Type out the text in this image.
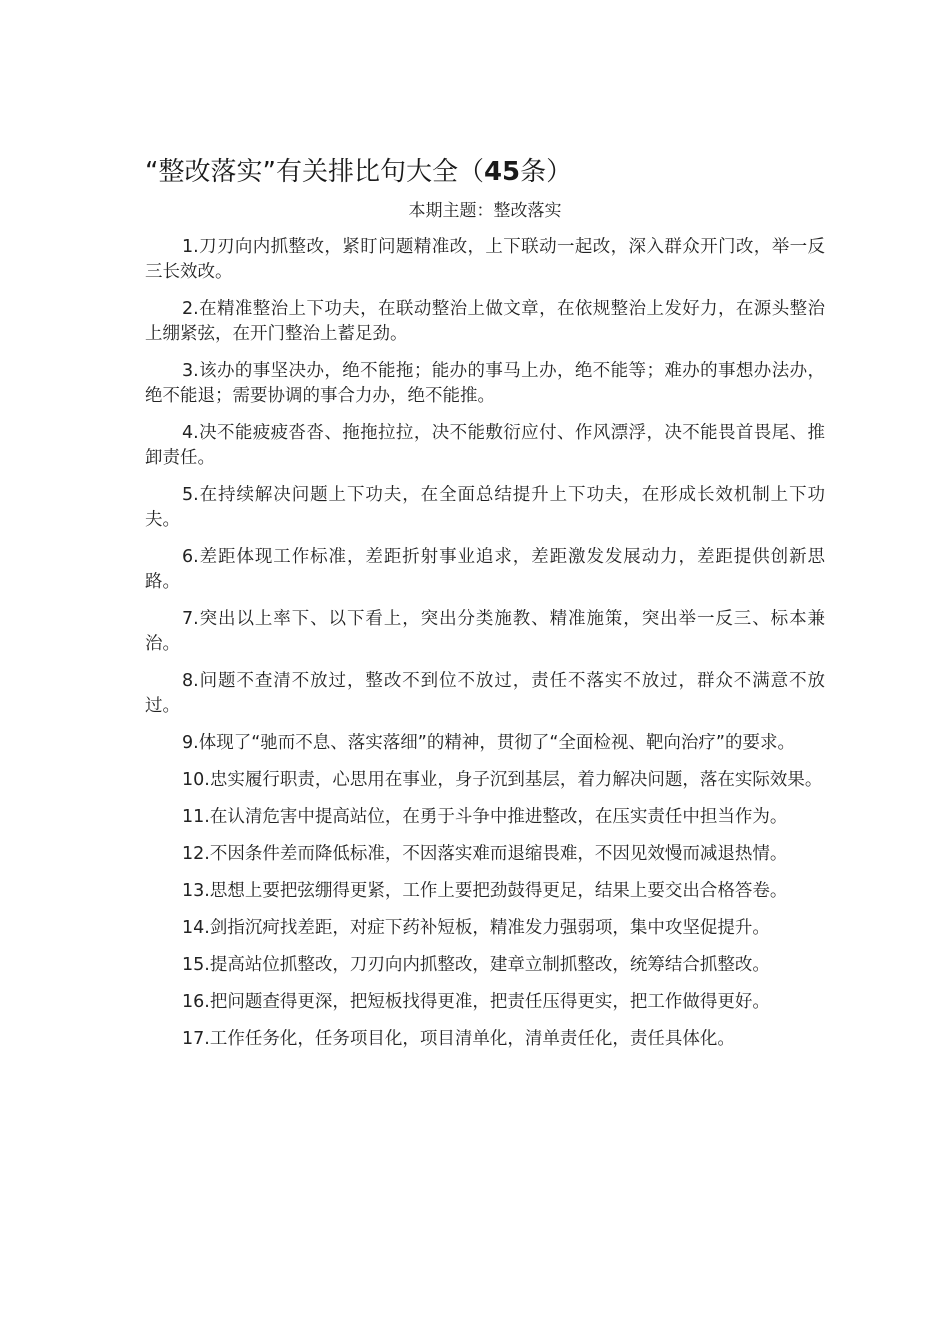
“整改落实”有关排比句大全（45条）
本期主题：整改落实

1.刀刃向内抓整改，紧盯问题精准改，上下联动一起改，深入群众开门改，举一反三长效改。

2.在精准整治上下功夫，在联动整治上做文章，在依规整治上发好力，在源头整治上绷紧弦，在开门整治上蓄足劲。

3.该办的事坚决办，绝不能拖；能办的事马上办，绝不能等；难办的事想办法办，绝不能退；需要协调的事合力办，绝不能推。

4.决不能疲疲沓沓、拖拖拉拉，决不能敷衍应付、作风漂浮，决不能畏首畏尾、推卸责任。

5.在持续解决问题上下功夫，在全面总结提升上下功夫，在形成长效机制上下功夫。

6.差距体现工作标准，差距折射事业追求，差距激发发展动力，差距提供创新思路。

7.突出以上率下、以下看上，突出分类施教、精准施策，突出举一反三、标本兼治。

8.问题不查清不放过，整改不到位不放过，责任不落实不放过，群众不满意不放过。

9.体现了“驰而不息、落实落细”的精神，贯彻了“全面检视、靶向治疗”的要求。

10.忠实履行职责，心思用在事业，身子沉到基层，着力解决问题，落在实际效果。

11.在认清危害中提高站位，在勇于斗争中推进整改，在压实责任中担当作为。

12.不因条件差而降低标准，不因落实难而退缩畏难，不因见效慢而减退热情。

13.思想上要把弦绷得更紧，工作上要把劲鼓得更足，结果上要交出合格答卷。

14.剑指沉疴找差距，对症下药补短板，精准发力强弱项，集中攻坚促提升。

15.提高站位抓整改，刀刃向内抓整改，建章立制抓整改，统筹结合抓整改。

16.把问题查得更深，把短板找得更准，把责任压得更实，把工作做得更好。

17.工作任务化，任务项目化，项目清单化，清单责任化，责任具体化。
